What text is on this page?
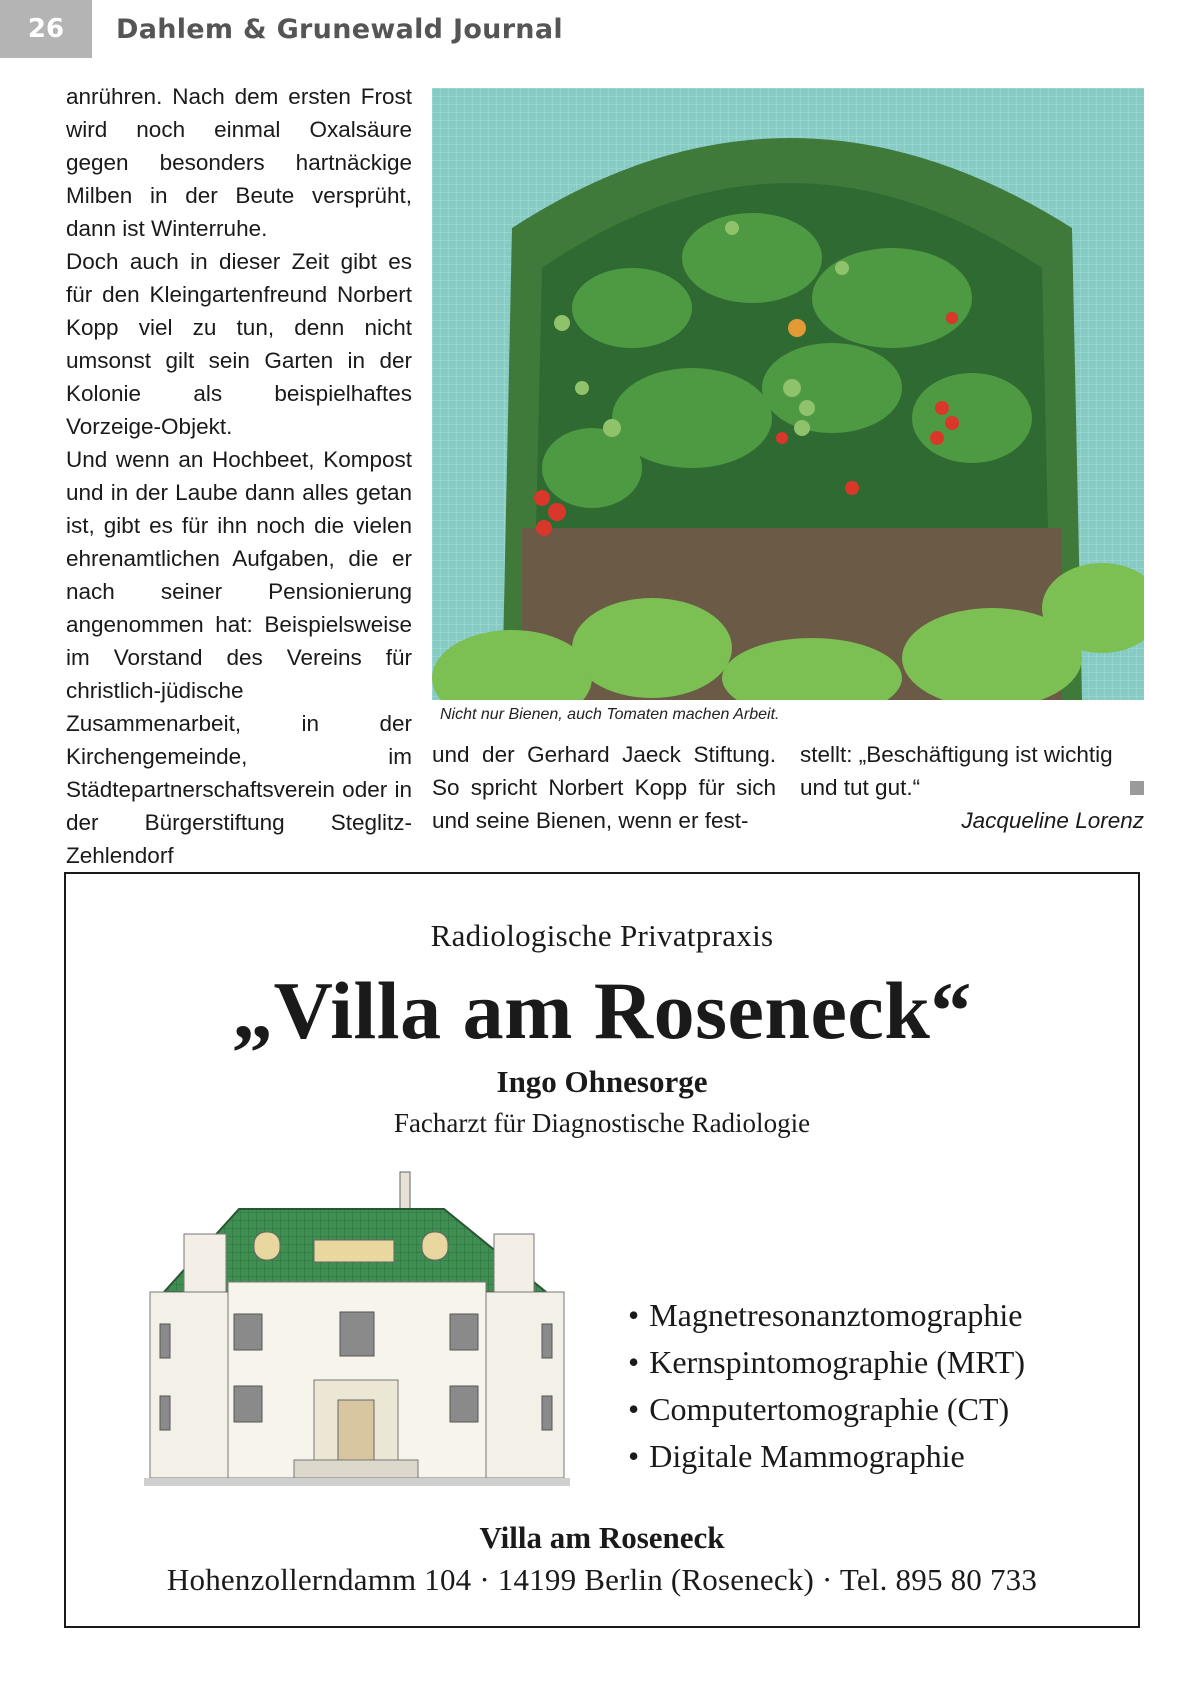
26	Dahlem & Grunewald Journal

anrühren. Nach dem ersten Frost wird noch einmal Oxalsäure gegen besonders hartnäckige Milben in der Beute versprüht, dann ist Winterruhe.

Doch auch in dieser Zeit gibt es für den Kleingartenfreund Norbert Kopp viel zu tun, denn nicht umsonst gilt sein Garten in der Kolonie als beispielhaftes Vorzeige-Objekt.

Und wenn an Hochbeet, Kompost und in der Laube dann alles getan ist, gibt es für ihn noch die vielen ehrenamtlichen Aufgaben, die er nach seiner Pensionierung angenommen hat: Beispielsweise im Vorstand des Vereins für christlich-jüdische Zusammenarbeit, in der Kirchengemeinde, im Städtepartnerschaftsverein oder in der Bürgerstiftung Steglitz-Zehlendorf

Nicht nur Bienen, auch Tomaten machen Arbeit.
und der Gerhard Jaeck Stiftung. So spricht Norbert Kopp für sich und seine Bienen, wenn er fest-

stellt: „Beschäftigung ist wichtig

und tut gut.“
Jacqueline Lorenz
Radiologische Privatpraxis
„Villa am Roseneck“
Ingo Ohnesorge
Facharzt für Diagnostische Radiologie
• Magnetresonanztomographie
• Kernspintomographie (MRT)
• Computertomographie (CT)
• Digitale Mammographie
Villa am Roseneck
Hohenzollerndamm 104 · 14199 Berlin (Roseneck) · Tel. 895 80 733
